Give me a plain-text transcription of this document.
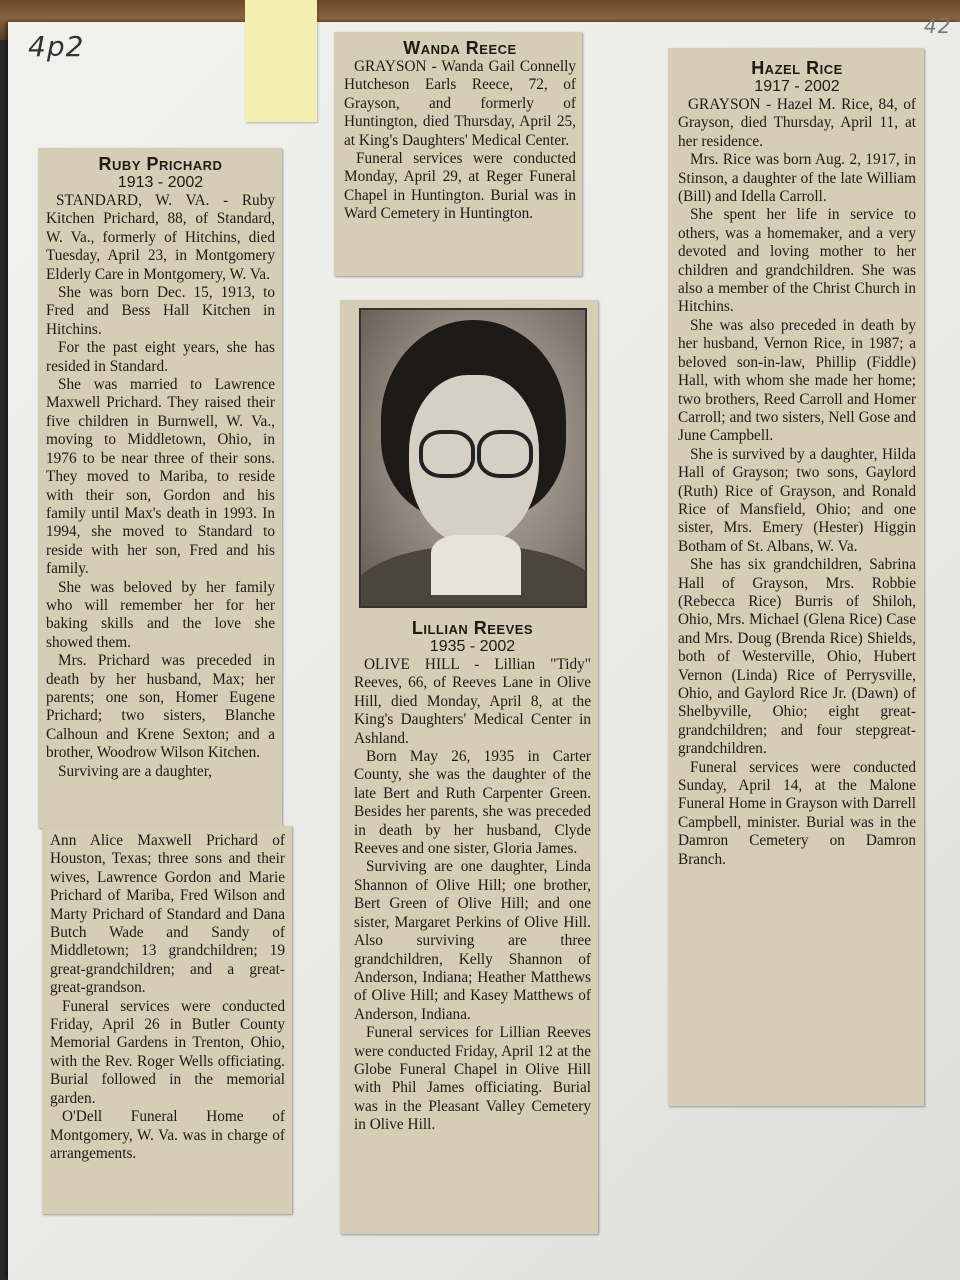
4p2
42
Ruby Prichard
1913 - 2002

STANDARD, W. VA. - Ruby Kitchen Prichard, 88, of Standard, W. Va., formerly of Hitchins, died Tuesday, April 23, in Montgomery Elderly Care in Montgomery, W. Va.

She was born Dec. 15, 1913, to Fred and Bess Hall Kitchen in Hitchins.

For the past eight years, she has resided in Standard.

She was married to Lawrence Maxwell Prichard. They raised their five children in Burnwell, W. Va., moving to Middletown, Ohio, in 1976 to be near three of their sons. They moved to Mariba, to reside with their son, Gordon and his family until Max's death in 1993. In 1994, she moved to Standard to reside with her son, Fred and his family.

She was beloved by her family who will remember her for her baking skills and the love she showed them.

Mrs. Prichard was preceded in death by her husband, Max; her parents; one son, Homer Eugene Prichard; two sisters, Blanche Calhoun and Krene Sexton; and a brother, Woodrow Wilson Kitchen.

Surviving are a daughter,

Ann Alice Maxwell Prichard of Houston, Texas; three sons and their wives, Lawrence Gordon and Marie Prichard of Mariba, Fred Wilson and Marty Prichard of Standard and Dana Butch Wade and Sandy of Middletown; 13 grandchildren; 19 great-grandchildren; and a great-great-grandson.

Funeral services were conducted Friday, April 26 in Butler County Memorial Gardens in Trenton, Ohio, with the Rev. Roger Wells officiating. Burial followed in the memorial garden.

O'Dell Funeral Home of Montgomery, W. Va. was in charge of arrangements.

Wanda Reece

GRAYSON - Wanda Gail Connelly Hutcheson Earls Reece, 72, of Grayson, and formerly of Huntington, died Thursday, April 25, at King's Daughters' Medical Center.

Funeral services were conducted Monday, April 29, at Reger Funeral Chapel in Huntington. Burial was in Ward Cemetery in Huntington.

Lillian Reeves
1935 - 2002

OLIVE HILL - Lillian "Tidy" Reeves, 66, of Reeves Lane in Olive Hill, died Monday, April 8, at the King's Daughters' Medical Center in Ashland.

Born May 26, 1935 in Carter County, she was the daughter of the late Bert and Ruth Carpenter Green. Besides her parents, she was preceded in death by her husband, Clyde Reeves and one sister, Gloria James.

Surviving are one daughter, Linda Shannon of Olive Hill; one brother, Bert Green of Olive Hill; and one sister, Margaret Perkins of Olive Hill. Also surviving are three grandchildren, Kelly Shannon of Anderson, Indiana; Heather Matthews of Olive Hill; and Kasey Matthews of Anderson, Indiana.

Funeral services for Lillian Reeves were conducted Friday, April 12 at the Globe Funeral Chapel in Olive Hill with Phil James officiating. Burial was in the Pleasant Valley Cemetery in Olive Hill.

Hazel Rice
1917 - 2002

GRAYSON - Hazel M. Rice, 84, of Grayson, died Thursday, April 11, at her residence.

Mrs. Rice was born Aug. 2, 1917, in Stinson, a daughter of the late William (Bill) and Idella Carroll.

She spent her life in service to others, was a homemaker, and a very devoted and loving mother to her children and grandchildren. She was also a member of the Christ Church in Hitchins.

She was also preceded in death by her husband, Vernon Rice, in 1987; a beloved son-in-law, Phillip (Fiddle) Hall, with whom she made her home; two brothers, Reed Carroll and Homer Carroll; and two sisters, Nell Gose and June Campbell.

She is survived by a daughter, Hilda Hall of Grayson; two sons, Gaylord (Ruth) Rice of Grayson, and Ronald Rice of Mansfield, Ohio; and one sister, Mrs. Emery (Hester) Higgin Botham of St. Albans, W. Va.

She has six grandchildren, Sabrina Hall of Grayson, Mrs. Robbie (Rebecca Rice) Burris of Shiloh, Ohio, Mrs. Michael (Glena Rice) Case and Mrs. Doug (Brenda Rice) Shields, both of Westerville, Ohio, Hubert Vernon (Linda) Rice of Perrysville, Ohio, and Gaylord Rice Jr. (Dawn) of Shelbyville, Ohio; eight great-grandchildren; and four stepgreat-grandchildren.

Funeral services were conducted Sunday, April 14, at the Malone Funeral Home in Grayson with Darrell Campbell, minister. Burial was in the Damron Cemetery on Damron Branch.
